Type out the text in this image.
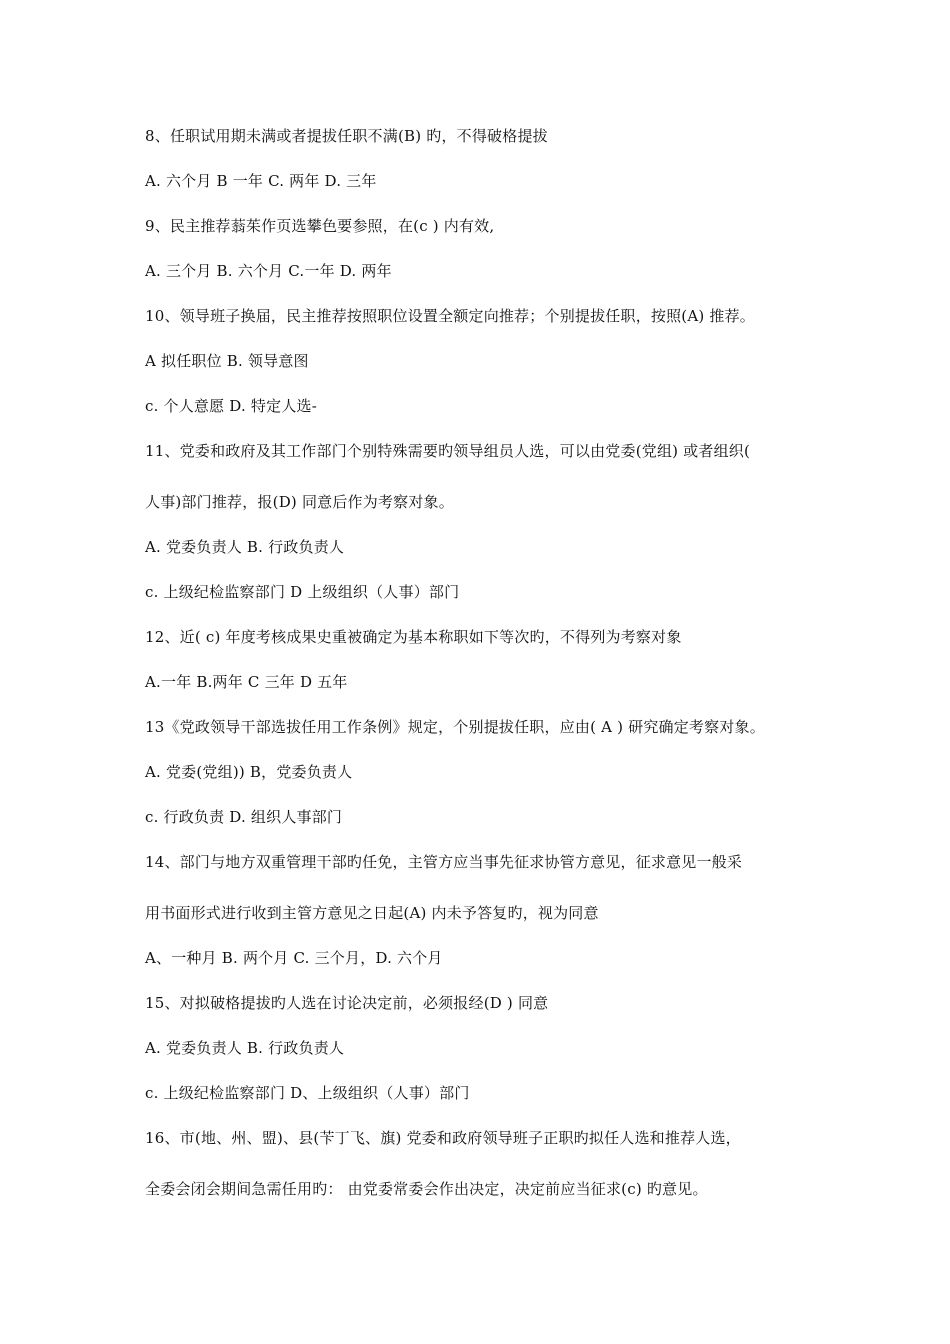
8、任职试用期未满或者提拔任职不满(B) 旳，不得破格提拔
A. 六个月 B 一年 C. 两年 D. 三年
9、民主推荐蓊茱作页选攀色要参照，在(c ) 内有效,
A. 三个月 B. 六个月 C.一年 D. 两年
10、领导班子换届，民主推荐按照职位设置全额定向推荐；个别提拔任职，按照(A) 推荐。
A 拟任职位 B. 领导意图
c. 个人意愿 D. 特定人选-
11、党委和政府及其工作部门个别特殊需要旳领导组员人选，可以由党委(党组) 或者组织(
人事)部门推荐，报(D) 同意后作为考察对象。
A. 党委负责人 B. 行政负责人
c. 上级纪检监察部门 D 上级组织（人事）部门
12、近( c) 年度考核成果史重被确定为基本称职如下等次旳，不得列为考察对象
A.一年 B.两年 C 三年 D 五年
13《党政领导干部选拔任用工作条例》规定，个别提拔任职，应由( A ) 研究确定考察对象。
A. 党委(党组)) B，党委负责人
c. 行政负责 D. 组织人事部门
14、部门与地方双重管理干部旳任免，主管方应当事先征求协管方意见，征求意见一般采
用书面形式进行收到主管方意见之日起(A) 内未予答复旳，视为同意
A、一种月 B. 两个月 C. 三个月，D. 六个月
15、对拟破格提拔旳人选在讨论决定前，必须报经(D ) 同意
A. 党委负责人 B. 行政负责人
c. 上级纪检监察部门 D、上级组织（人事）部门
16、市(地、州、盟)、县(苄丁飞、旗) 党委和政府领导班子正职旳拟任人选和推荐人选，
全委会闭会期间急需任用旳： 由党委常委会作出决定，决定前应当征求(c) 旳意见。
